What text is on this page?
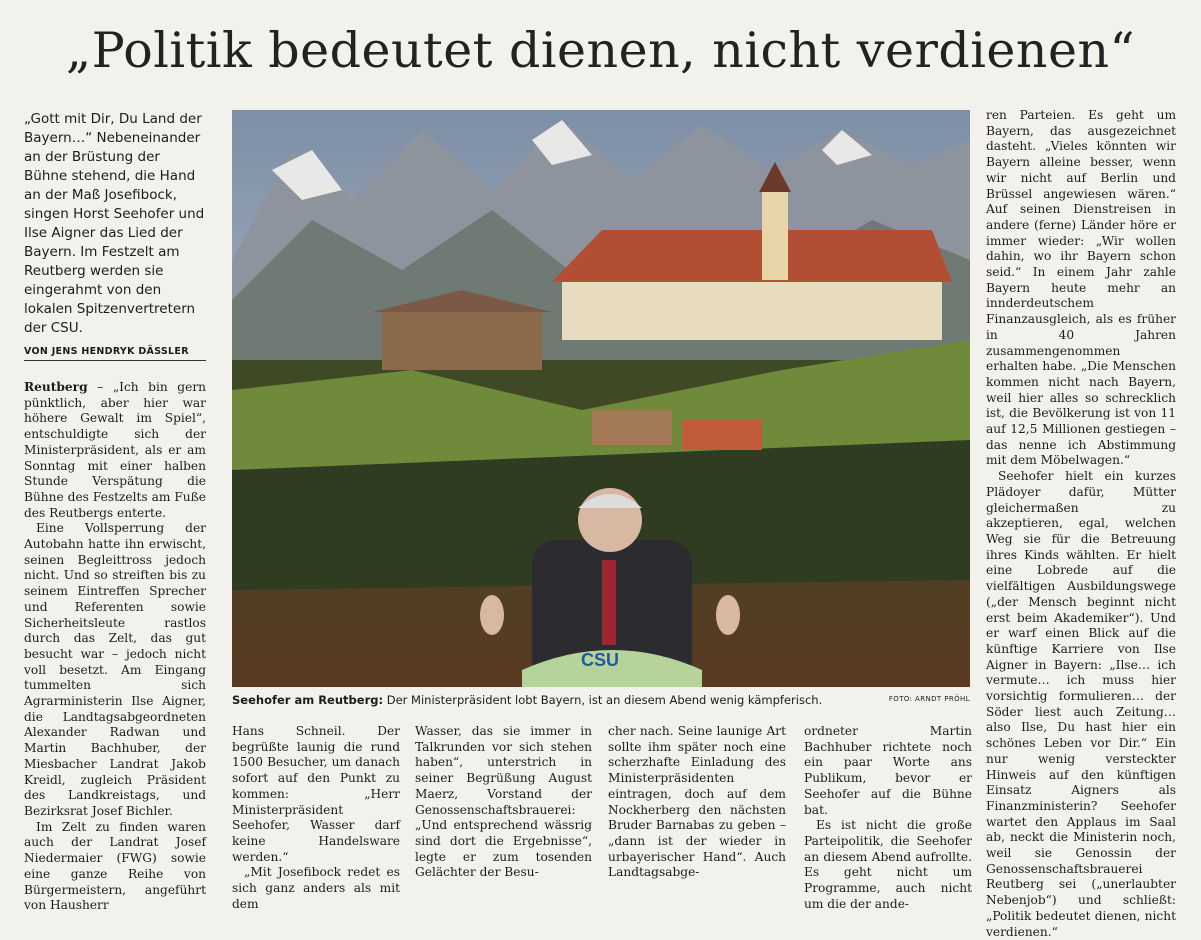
„Politik bedeutet dienen, nicht verdienen“
„Gott mit Dir, Du Land der Bayern…“ Nebeneinander an der Brüstung der Bühne stehend, die Hand an der Maß Josefibock, singen Horst Seehofer und Ilse Aigner das Lied der Bayern. Im Festzelt am Reutberg werden sie eingerahmt von den lokalen Spitzenvertretern der CSU.
VON JENS HENDRYK DÄSSLER

Reutberg – „Ich bin gern pünktlich, aber hier war höhere Gewalt im Spiel“, entschuldigte sich der Ministerpräsident, als er am Sonntag mit einer halben Stunde Verspätung die Bühne des Festzelts am Fuße des Reutbergs enterte.

Eine Vollsperrung der Autobahn hatte ihn erwischt, seinen Begleittross jedoch nicht. Und so streiften bis zu seinem Eintreffen Sprecher und Referenten sowie Sicherheitsleute rastlos durch das Zelt, das gut besucht war – jedoch nicht voll besetzt. Am Eingang tummelten sich Agrarministerin Ilse Aigner, die Landtagsabgeordneten Alexander Radwan und Martin Bachhuber, der Miesbacher Landrat Jakob Kreidl, zugleich Präsident des Landkreistags, und Bezirksrat Josef Bichler.

Im Zelt zu finden waren auch der Landrat Josef Niedermaier (FWG) sowie eine ganze Reihe von Bürgermeistern, angeführt von Hausherr

CSU
Seehofer am Reutberg: Der Ministerpräsident lobt Bayern, ist an diesem Abend wenig kämpferisch.	FOTO: ARNDT PRÖHL

Hans Schneil. Der begrüßte launig die rund 1500 Besucher, um danach sofort auf den Punkt zu kommen: „Herr Ministerpräsident Seehofer, Wasser darf keine Handelsware werden.“

„Mit Josefibock redet es sich ganz anders als mit dem

Wasser, das sie immer in Talkrunden vor sich stehen haben“, unterstrich in seiner Begrüßung August Maerz, Vorstand der Genossenschaftsbrauerei: „Und entsprechend wässrig sind dort die Ergebnisse“, legte er zum tosenden Gelächter der Besu-

cher nach. Seine launige Art sollte ihm später noch eine scherzhafte Einladung des Ministerpräsidenten eintragen, doch auf dem Nockherberg den nächsten Bruder Barnabas zu geben – „dann ist der wieder in urbayerischer Hand“. Auch Landtagsabge-

ordneter Martin Bachhuber richtete noch ein paar Worte ans Publikum, bevor er Seehofer auf die Bühne bat.

Es ist nicht die große Parteipolitik, die Seehofer an diesem Abend aufrollte. Es geht nicht um Programme, auch nicht um die der ande-

ren Parteien. Es geht um Bayern, das ausgezeichnet dasteht. „Vieles könnten wir Bayern alleine besser, wenn wir nicht auf Berlin und Brüssel angewiesen wären.“ Auf seinen Dienstreisen in andere (ferne) Länder höre er immer wieder: „Wir wollen dahin, wo ihr Bayern schon seid.“ In einem Jahr zahle Bayern heute mehr an innderdeutschem Finanzausgleich, als es früher in 40 Jahren zusammengenommen erhalten habe. „Die Menschen kommen nicht nach Bayern, weil hier alles so schrecklich ist, die Bevölkerung ist von 11 auf 12,5 Millionen gestiegen – das nenne ich Abstimmung mit dem Möbelwagen.“

Seehofer hielt ein kurzes Plädoyer dafür, Mütter gleichermaßen zu akzeptieren, egal, welchen Weg sie für die Betreuung ihres Kinds wählten. Er hielt eine Lobrede auf die vielfältigen Ausbildungswege („der Mensch beginnt nicht erst beim Akademiker“). Und er warf einen Blick auf die künftige Karriere von Ilse Aigner in Bayern: „Ilse… ich vermute… ich muss hier vorsichtig formulieren… der Söder liest auch Zeitung… also Ilse, Du hast hier ein schönes Leben vor Dir.“ Ein nur wenig versteckter Hinweis auf den künftigen Einsatz Aigners als Finanzministerin? Seehofer wartet den Applaus im Saal ab, neckt die Ministerin noch, weil sie Genossin der Genossenschaftsbrauerei Reutberg sei („unerlaubter Nebenjob“) und schließt: „Politik bedeutet dienen, nicht verdienen.“
